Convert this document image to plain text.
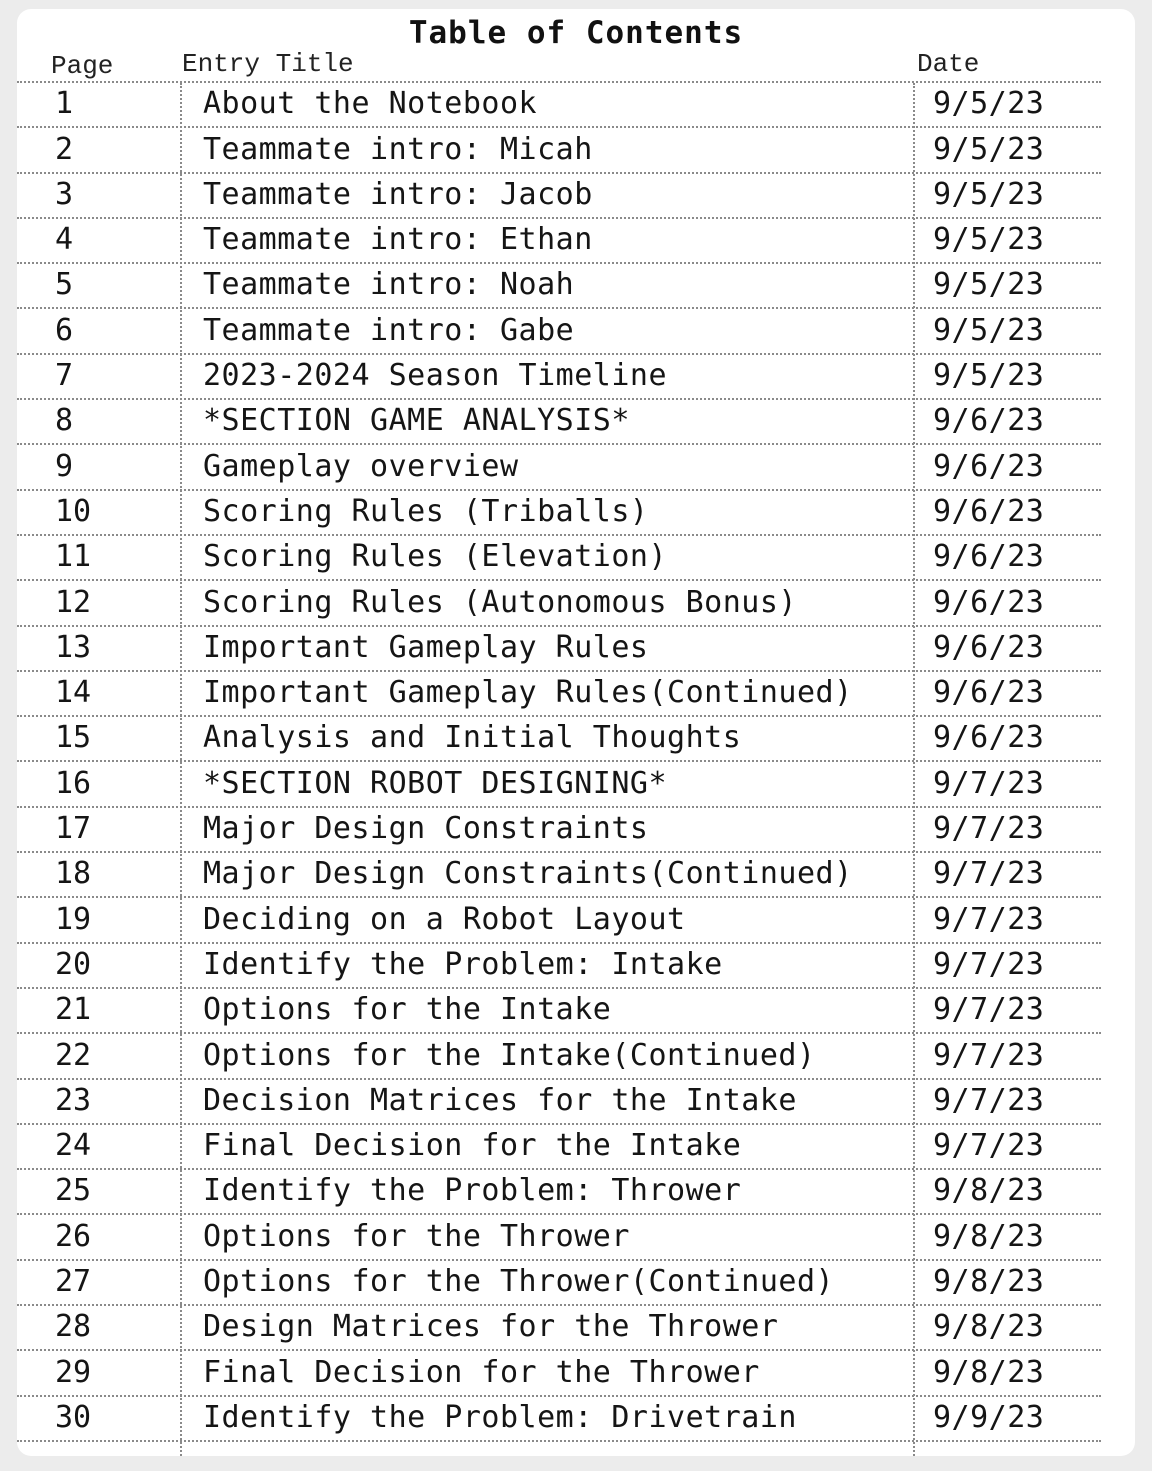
Table of Contents
Page	Entry Title	Date
1	About the Notebook	9/5/23
2	Teammate intro: Micah	9/5/23
3	Teammate intro: Jacob	9/5/23
4	Teammate intro: Ethan	9/5/23
5	Teammate intro: Noah	9/5/23
6	Teammate intro: Gabe	9/5/23
7	2023-2024 Season Timeline	9/5/23
8	*SECTION GAME ANALYSIS*	9/6/23
9	Gameplay overview	9/6/23
10	Scoring Rules (Triballs)	9/6/23
11	Scoring Rules (Elevation)	9/6/23
12	Scoring Rules (Autonomous Bonus)	9/6/23
13	Important Gameplay Rules	9/6/23
14	Important Gameplay Rules(Continued)	9/6/23
15	Analysis and Initial Thoughts	9/6/23
16	*SECTION ROBOT DESIGNING*	9/7/23
17	Major Design Constraints	9/7/23
18	Major Design Constraints(Continued)	9/7/23
19	Deciding on a Robot Layout	9/7/23
20	Identify the Problem: Intake	9/7/23
21	Options for the Intake	9/7/23
22	Options for the Intake(Continued)	9/7/23
23	Decision Matrices for the Intake	9/7/23
24	Final Decision for the Intake	9/7/23
25	Identify the Problem: Thrower	9/8/23
26	Options for the Thrower	9/8/23
27	Options for the Thrower(Continued)	9/8/23
28	Design Matrices for the Thrower	9/8/23
29	Final Decision for the Thrower	9/8/23
30	Identify the Problem: Drivetrain	9/9/23
